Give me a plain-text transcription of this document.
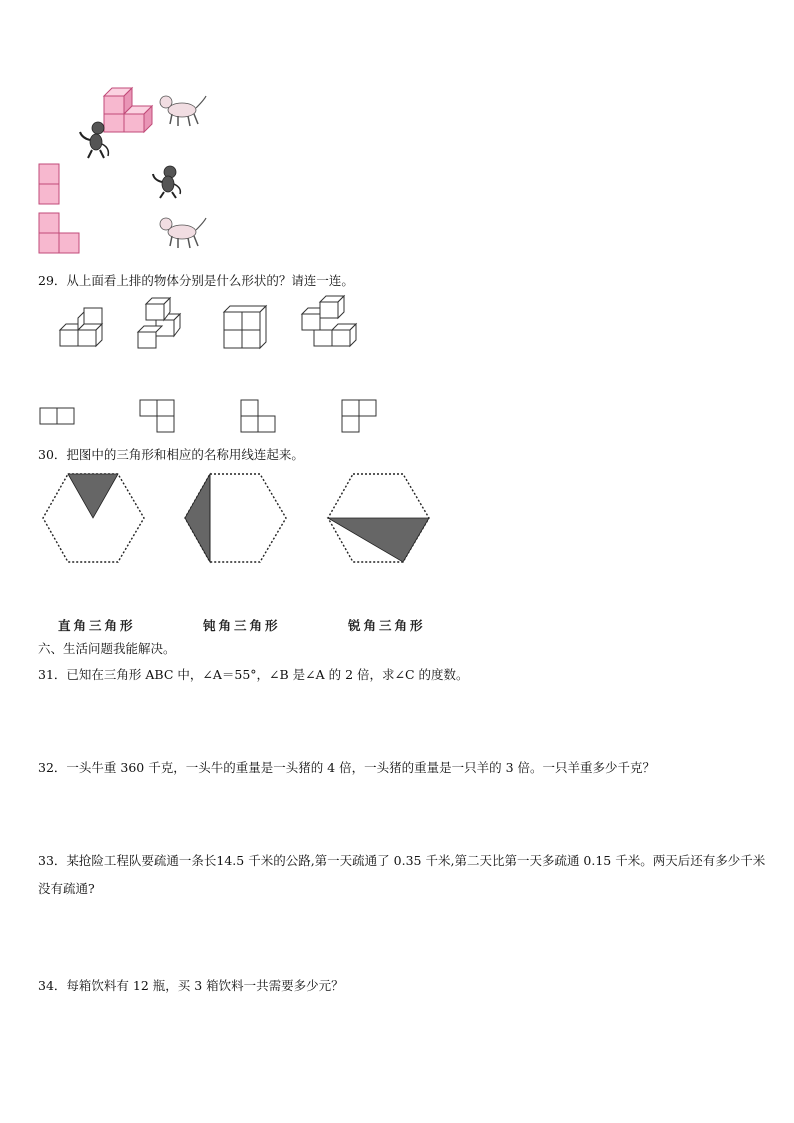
29．从上面看上排的物体分别是什么形状的？请连一连。
30．把图中的三角形和相应的名称用线连起来。
直角三角形	钝角三角形	锐角三角形
六、生活问题我能解决。
31．已知在三角形 ABC 中，∠A＝55°，∠B 是∠A 的 2 倍，求∠C 的度数。
32．一头牛重 360 千克，一头牛的重量是一头猪的 4 倍，一头猪的重量是一只羊的 3 倍。一只羊重多少千克？
33．某抢险工程队要疏通一条长14.5 千米的公路,第一天疏通了 0.35 千米,第二天比第一天多疏通 0.15 千米。两天后还有多少千米没有疏通?
34．每箱饮料有 12 瓶，买 3 箱饮料一共需要多少元？
